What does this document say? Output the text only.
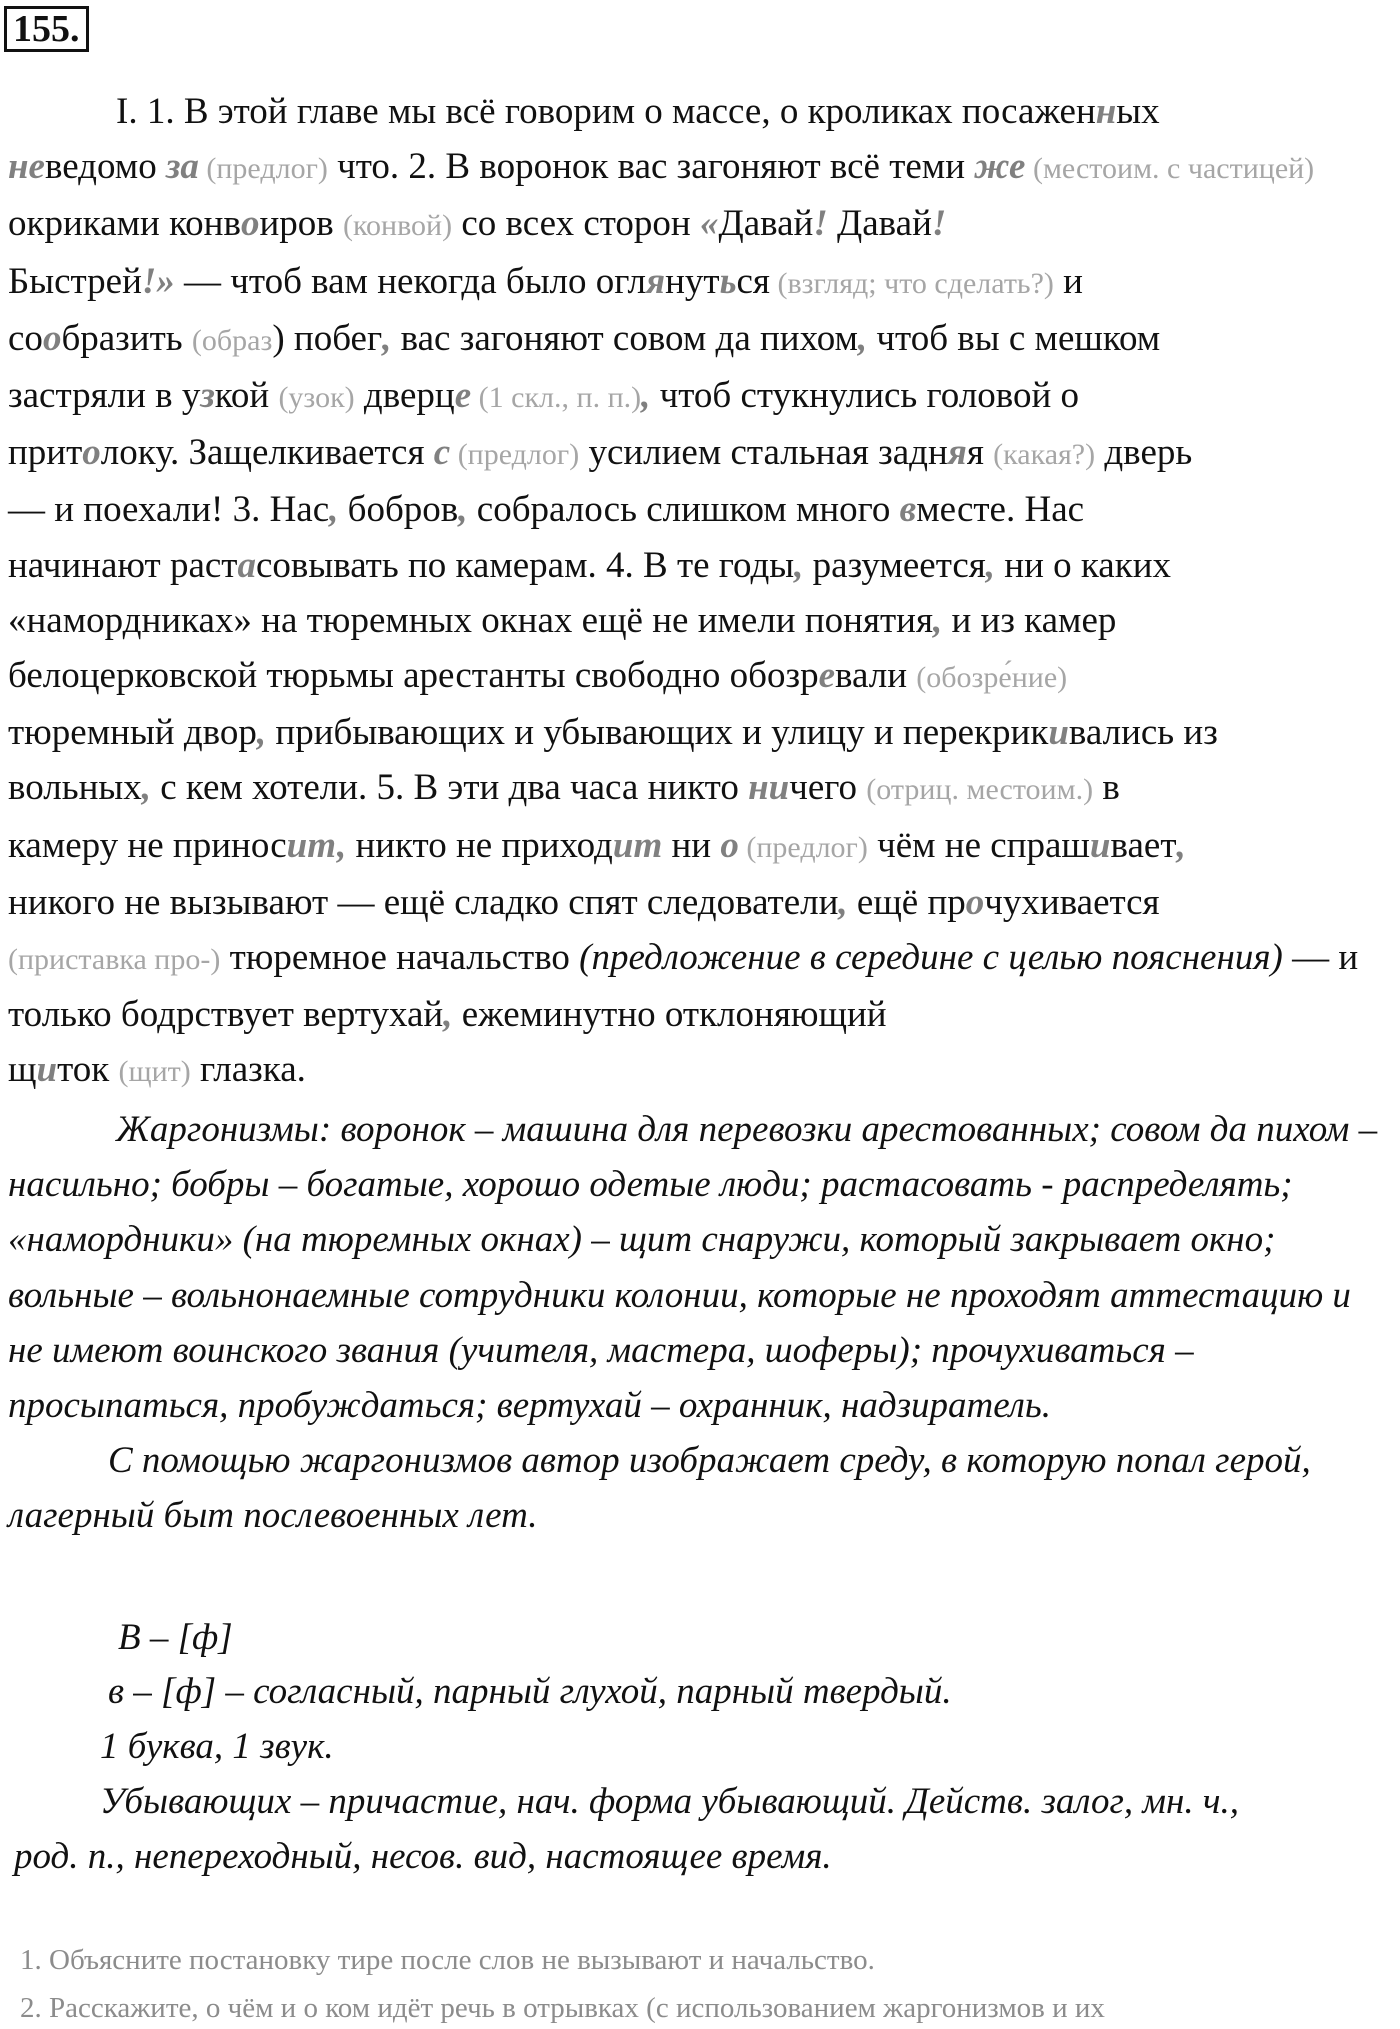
155.

I. 1. В этой главе мы всё говорим о массе, о кроликах посаженных
неведомо за (предлог) что. 2. В воронок вас загоняют всё теми же (местоим. с частицей) окриками конвоиров (конвой) со всех сторон «Давай! Давай!
Быстрей!» — чтоб вам некогда было оглянуться (взгляд; что сделать?) и
сообразить (образ) побег, вас загоняют совом да пихом, чтоб вы с мешком
застряли в узкой (узок) дверце (1 скл., п. п.), чтоб стукнулись головой о
притолоку. Защелкивается с (предлог) усилием стальная задняя (какая?) дверь
— и поехали! 3. Нас, бобров, собралось слишком много вместе. Нас
начинают растасовывать по камерам. 4. В те годы, разумеется, ни о каких
«намордниках» на тюремных окнах ещё не имели понятия, и из камер
белоцерковской тюрьмы арестанты свободно обозревали (обозре́ние)
тюремный двор, прибывающих и убывающих и улицу и перекрикивались из
вольных, с кем хотели. 5. В эти два часа никто ничего (отриц. местоим.) в
камеру не приносит, никто не приходит ни о (предлог) чём не спрашивает,
никого не вызывают — ещё сладко спят следователи, ещё прочухивается
(приставка про-) тюремное начальство (предложение в середине с целью пояснения) — и только бодрствует вертухай, ежеминутно отклоняющий
щиток (щит) глазка.

Жаргонизмы: воронок – машина для перевозки арестованных; совом да пихом – насильно; бобры – богатые, хорошо одетые люди; растасовать - распределять; «намордники» (на тюремных окнах) – щит снаружи, который закрывает окно; вольные – вольнонаемные сотрудники колонии, которые не проходят аттестацию и не имеют воинского звания (учителя, мастера, шоферы); прочухиваться – просыпаться, пробуждаться; вертухай – охранник, надзиратель.

С помощью жаргонизмов автор изображает среду, в которую попал герой, лагерный быт послевоенных лет.

В – [ф]
в – [ф] – согласный, парный глухой, парный твердый.
1 буква, 1 звук.
Убывающих – причастие, нач. форма убывающий. Действ. залог, мн. ч.,
род. п., непереходный, несов. вид, настоящее время.
1. Объясните постановку тире после слов не вызывают и начальство.
2. Расскажите, о чём и о ком идёт речь в отрывках (с использованием жаргонизмов и их
